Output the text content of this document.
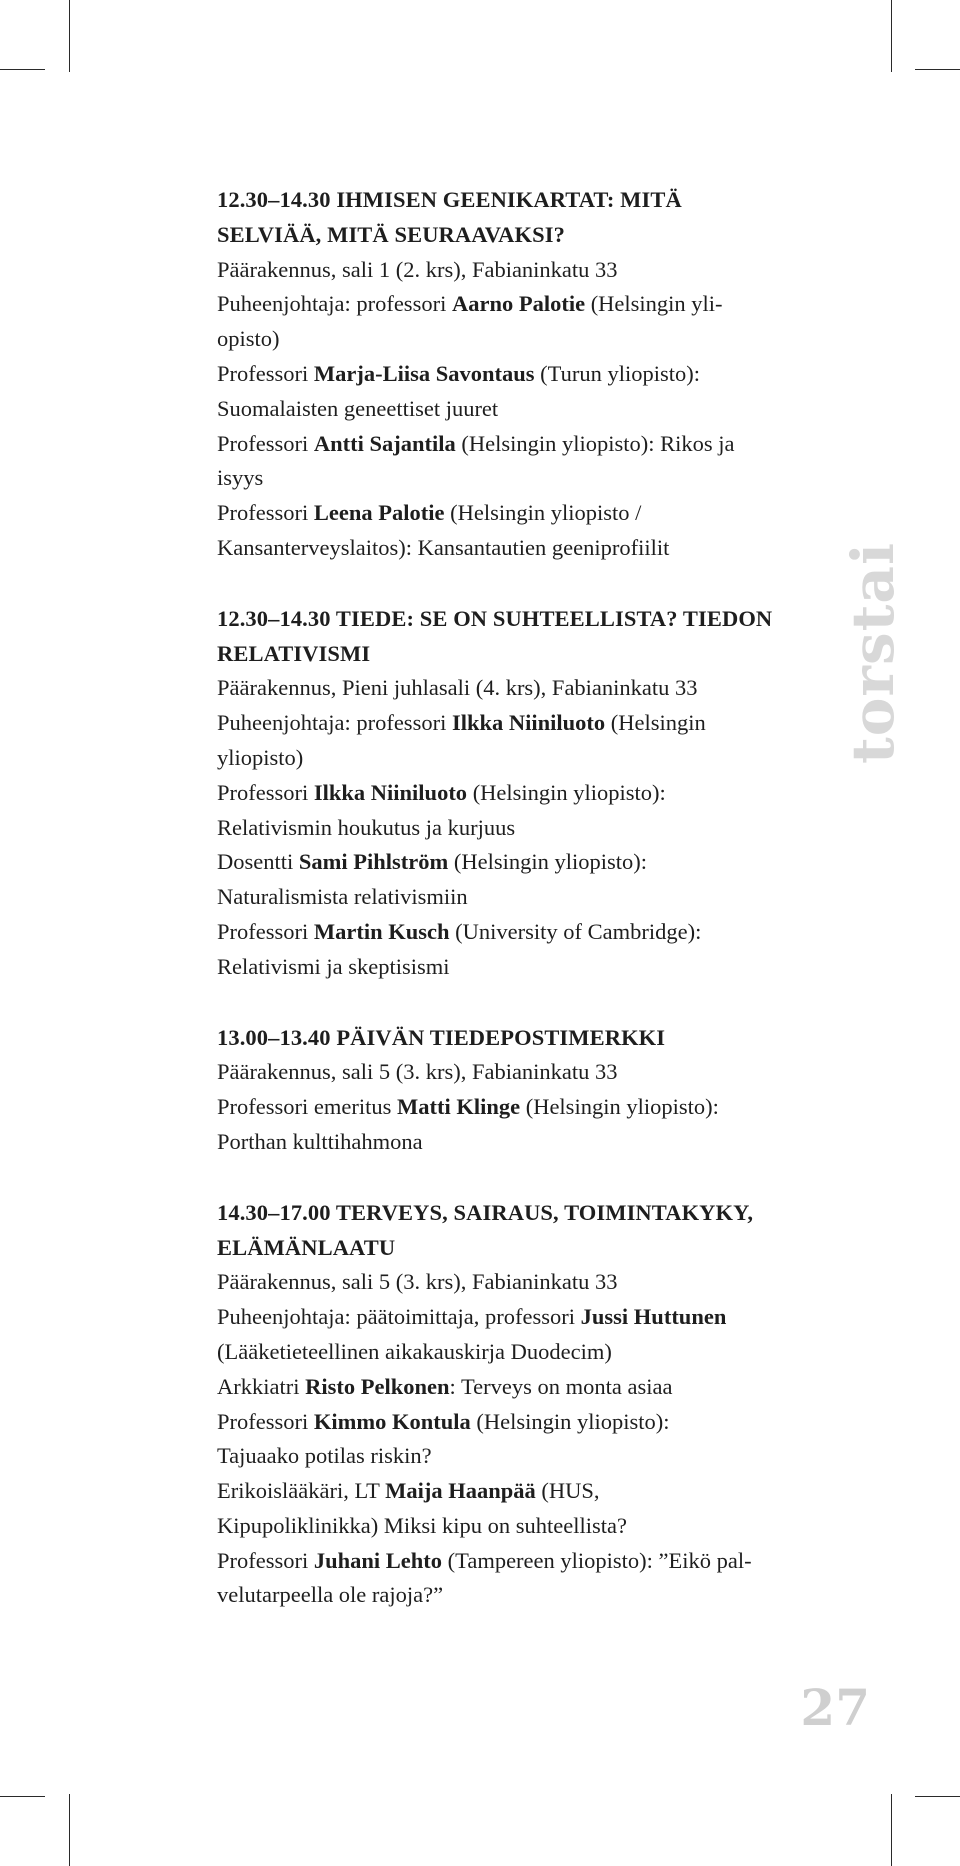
12.30–14.30 IHMISEN GEENIKARTAT: MITÄ

SELVIÄÄ, MITÄ SEURAAVAKSI?

Päärakennus, sali 1 (2. krs), Fabianinkatu 33

Puheenjohtaja: professori Aarno Palotie (Helsingin yli-

opisto)

Professori Marja-Liisa Savontaus (Turun yliopisto):

Suomalaisten geneettiset juuret

Professori Antti Sajantila (Helsingin yliopisto): Rikos ja

isyys

Professori Leena Palotie (Helsingin yliopisto /

Kansanterveyslaitos): Kansantautien geeniprofiilit

12.30–14.30 TIEDE: SE ON SUHTEELLISTA? TIEDON

RELATIVISMI

Päärakennus, Pieni juhlasali (4. krs), Fabianinkatu 33

Puheenjohtaja: professori Ilkka Niiniluoto (Helsingin

yliopisto)

Professori Ilkka Niiniluoto (Helsingin yliopisto):

Relativismin houkutus ja kurjuus

Dosentti Sami Pihlström (Helsingin yliopisto):

Naturalismista relativismiin

Professori Martin Kusch (University of Cambridge):

Relativismi ja skeptisismi

13.00–13.40 PÄIVÄN TIEDEPOSTIMERKKI

Päärakennus, sali 5 (3. krs), Fabianinkatu 33

Professori emeritus Matti Klinge (Helsingin yliopisto):

Porthan kulttihahmona

14.30–17.00 TERVEYS, SAIRAUS, TOIMINTAKYKY,

ELÄMÄNLAATU

Päärakennus, sali 5 (3. krs), Fabianinkatu 33

Puheenjohtaja: päätoimittaja, professori Jussi Huttunen

(Lääketieteellinen aikakauskirja Duodecim)

Arkkiatri Risto Pelkonen: Terveys on monta asiaa

Professori Kimmo Kontula (Helsingin yliopisto):

Tajuaako potilas riskin?

Erikoislääkäri, LT Maija Haanpää (HUS,

Kipupoliklinikka) Miksi kipu on suhteellista?

Professori Juhani Lehto (Tampereen yliopisto): ”Eikö pal-

velutarpeella ole rajoja?”

torstai
27
